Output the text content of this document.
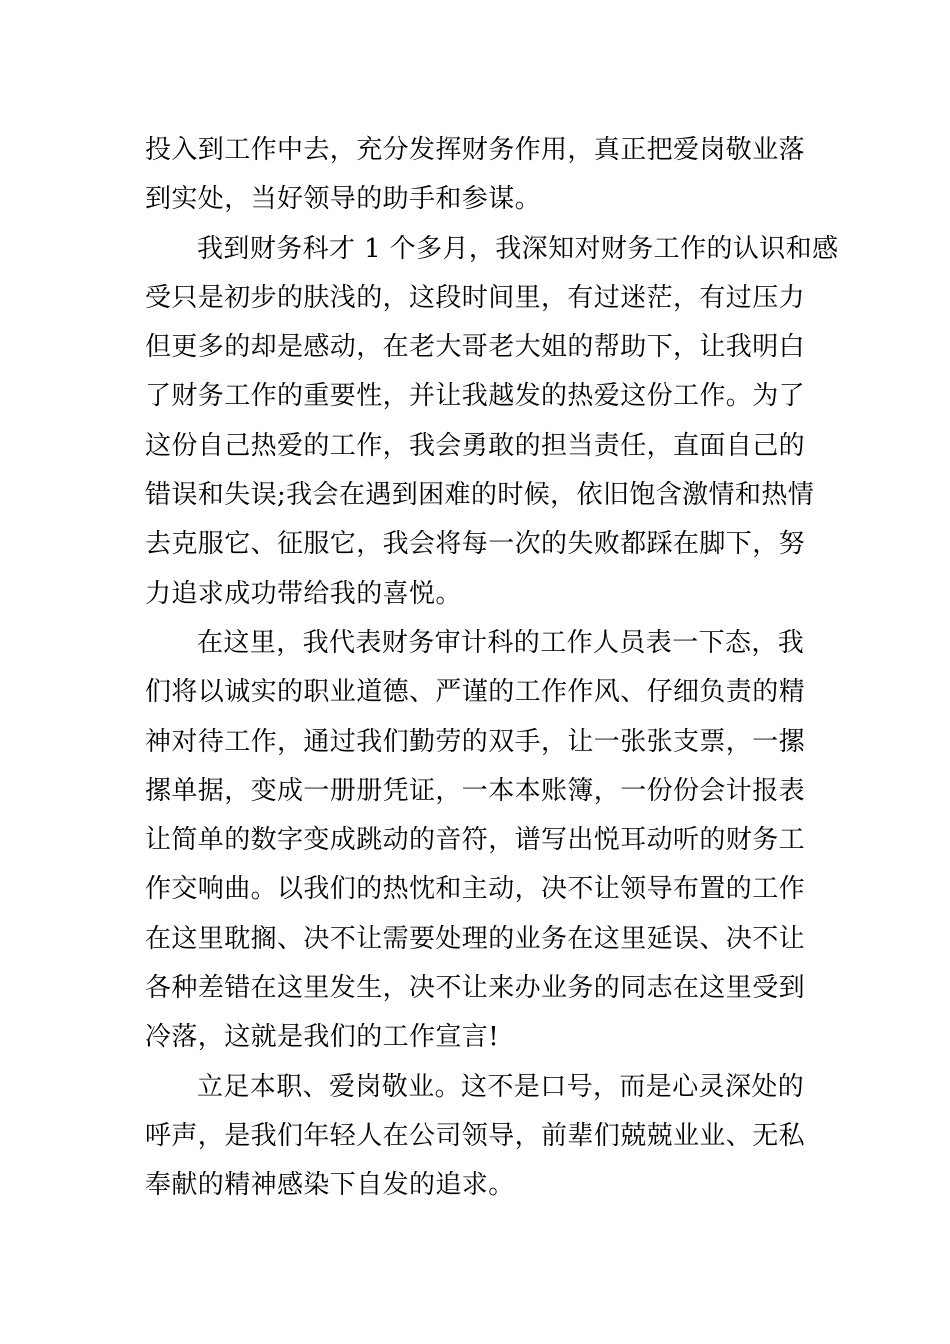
投入到工作中去，充分发挥财务作用，真正把爱岗敬业落
到实处，当好领导的助手和参谋。
我到财务科才 1 个多月，我深知对财务工作的认识和感
受只是初步的肤浅的，这段时间里，有过迷茫，有过压力
但更多的却是感动，在老大哥老大姐的帮助下，让我明白
了财务工作的重要性，并让我越发的热爱这份工作。为了
这份自己热爱的工作，我会勇敢的担当责任，直面自己的
错误和失误;我会在遇到困难的时候，依旧饱含激情和热情
去克服它、征服它，我会将每一次的失败都踩在脚下，努
力追求成功带给我的喜悦。
在这里，我代表财务审计科的工作人员表一下态，我
们将以诚实的职业道德、严谨的工作作风、仔细负责的精
神对待工作，通过我们勤劳的双手，让一张张支票，一摞
摞单据，变成一册册凭证，一本本账簿，一份份会计报表
让简单的数字变成跳动的音符，谱写出悦耳动听的财务工
作交响曲。以我们的热忱和主动，决不让领导布置的工作
在这里耽搁、决不让需要处理的业务在这里延误、决不让
各种差错在这里发生，决不让来办业务的同志在这里受到
冷落，这就是我们的工作宣言!
立足本职、爱岗敬业。这不是口号，而是心灵深处的
呼声，是我们年轻人在公司领导，前辈们兢兢业业、无私
奉献的精神感染下自发的追求。
